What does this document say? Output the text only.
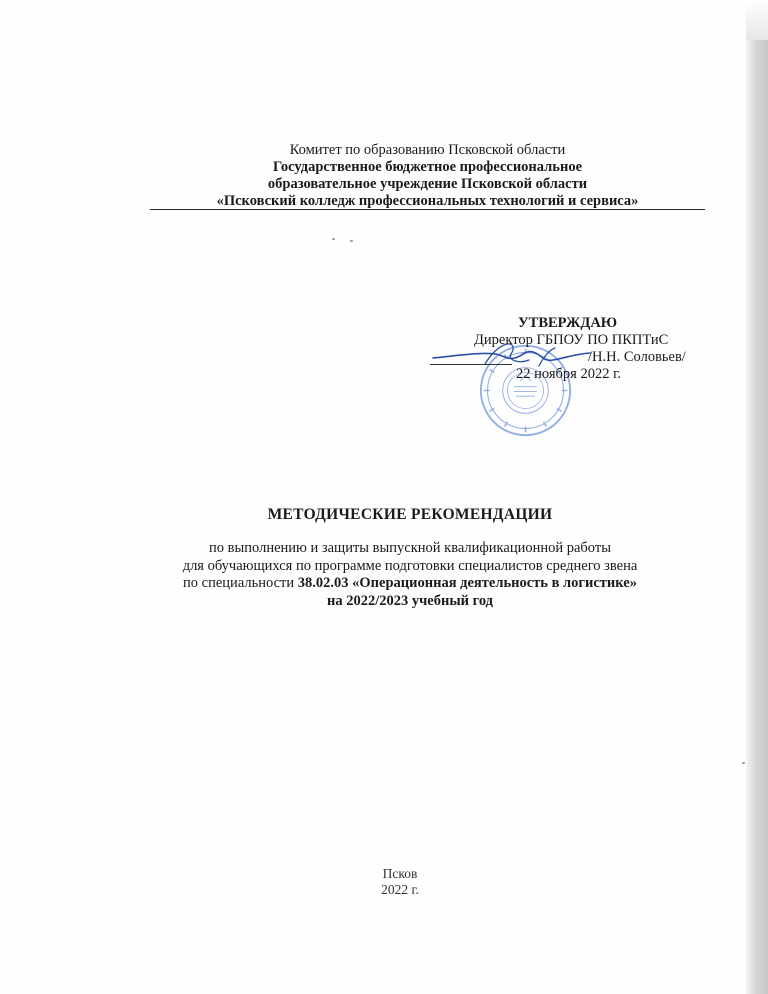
Комитет по образованию Псковской области
Государственное бюджетное профессиональное
образовательное учреждение Псковской области
«Псковский колледж профессиональных технологий и сервиса»
УТВЕРЖДАЮ
Директор ГБПОУ ПО ПКПТиС
/Н.Н. Соловьев/
22 ноября 2022 г.
МЕТОДИЧЕСКИЕ РЕКОМЕНДАЦИИ
по выполнению и защиты выпускной квалификационной работы
для обучающихся по программе подготовки специалистов среднего звена
по специальности 38.02.03 «Операционная деятельность в логистике»
на 2022/2023 учебный год
Псков
2022 г.
